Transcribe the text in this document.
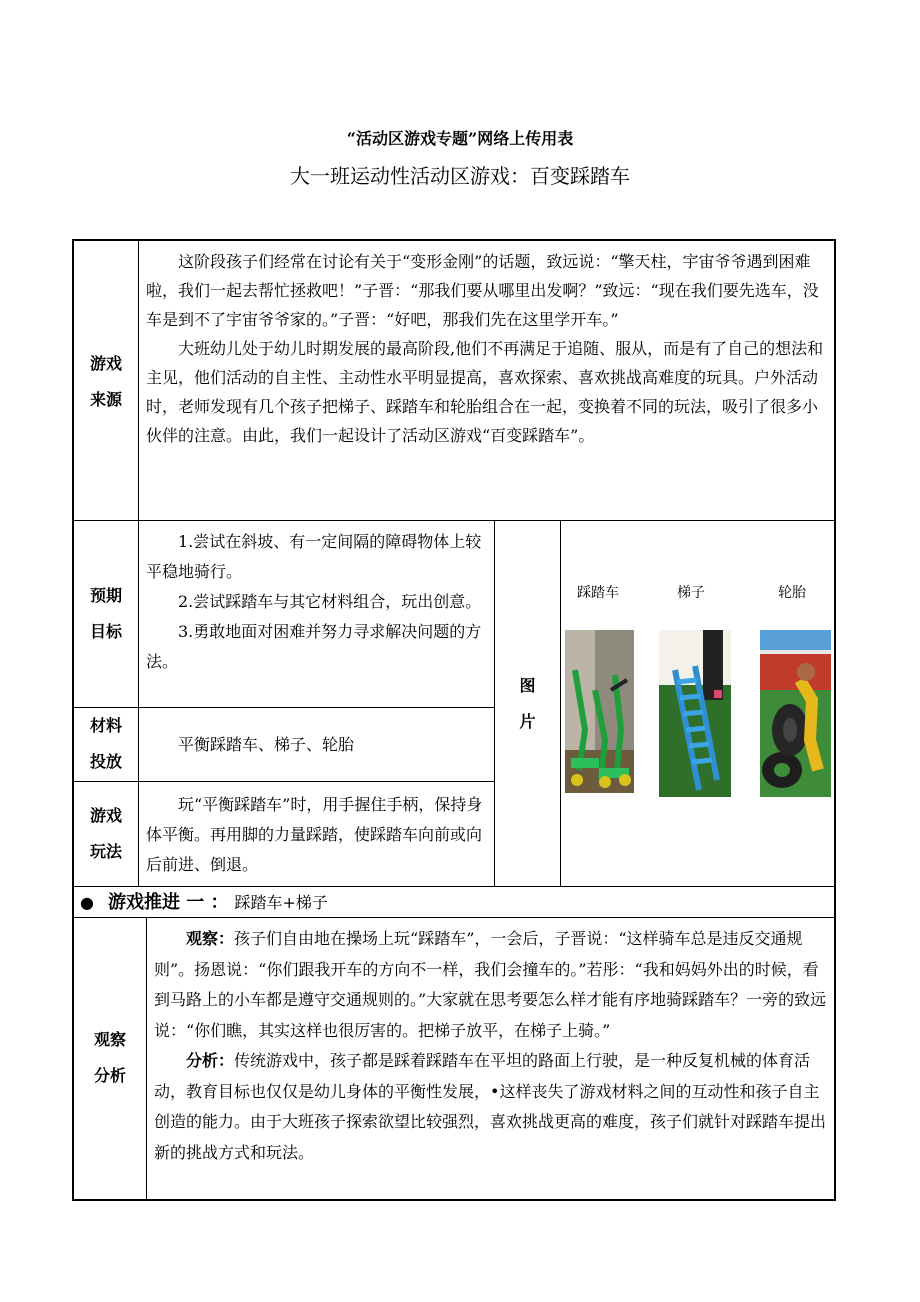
“活动区游戏专题”网络上传用表
大一班运动性活动区游戏：百变踩踏车
游戏
来源

这阶段孩子们经常在讨论有关于“变形金刚”的话题，致远说：“擎天柱，宇宙爷爷遇到困难啦，我们一起去帮忙拯救吧！”子晋：“那我们要从哪里出发啊？”致远：“现在我们要先选车，没车是到不了宇宙爷爷家的。”子晋：“好吧，那我们先在这里学开车。”

大班幼儿处于幼儿时期发展的最高阶段,他们不再满足于追随、服从，而是有了自己的想法和主见，他们活动的自主性、主动性水平明显提高，喜欢探索、喜欢挑战高难度的玩具。户外活动时，老师发现有几个孩子把梯子、踩踏车和轮胎组合在一起，变换着不同的玩法，吸引了很多小伙伴的注意。由此，我们一起设计了活动区游戏“百变踩踏车”。

预期
目标

1.尝试在斜坡、有一定间隔的障碍物体上较平稳地骑行。

2.尝试踩踏车与其它材料组合，玩出创意。

3.勇敢地面对困难并努力寻求解决问题的方法。

材料
投放

平衡踩踏车、梯子、轮胎

游戏
玩法

玩“平衡踩踏车”时，用手握住手柄，保持身体平衡。再用脚的力量踩踏，使踩踏车向前或向后前进、倒退。

图
片
踩踏车	梯子	轮胎
● 游戏推进 一 ： 踩踏车+梯子
观察
分析

观察：孩子们自由地在操场上玩“踩踏车”，一会后，子晋说：“这样骑车总是违反交通规则”。扬恩说：“你们跟我开车的方向不一样，我们会撞车的。”若彤：“我和妈妈外出的时候，看到马路上的小车都是遵守交通规则的。”大家就在思考要怎么样才能有序地骑踩踏车？一旁的致远说：“你们瞧，其实这样也很厉害的。把梯子放平，在梯子上骑。”

分析：传统游戏中，孩子都是踩着踩踏车在平坦的路面上行驶，是一种反复机械的体育活动，教育目标也仅仅是幼儿身体的平衡性发展，•这样丧失了游戏材料之间的互动性和孩子自主创造的能力。由于大班孩子探索欲望比较强烈，喜欢挑战更高的难度，孩子们就针对踩踏车提出新的挑战方式和玩法。
